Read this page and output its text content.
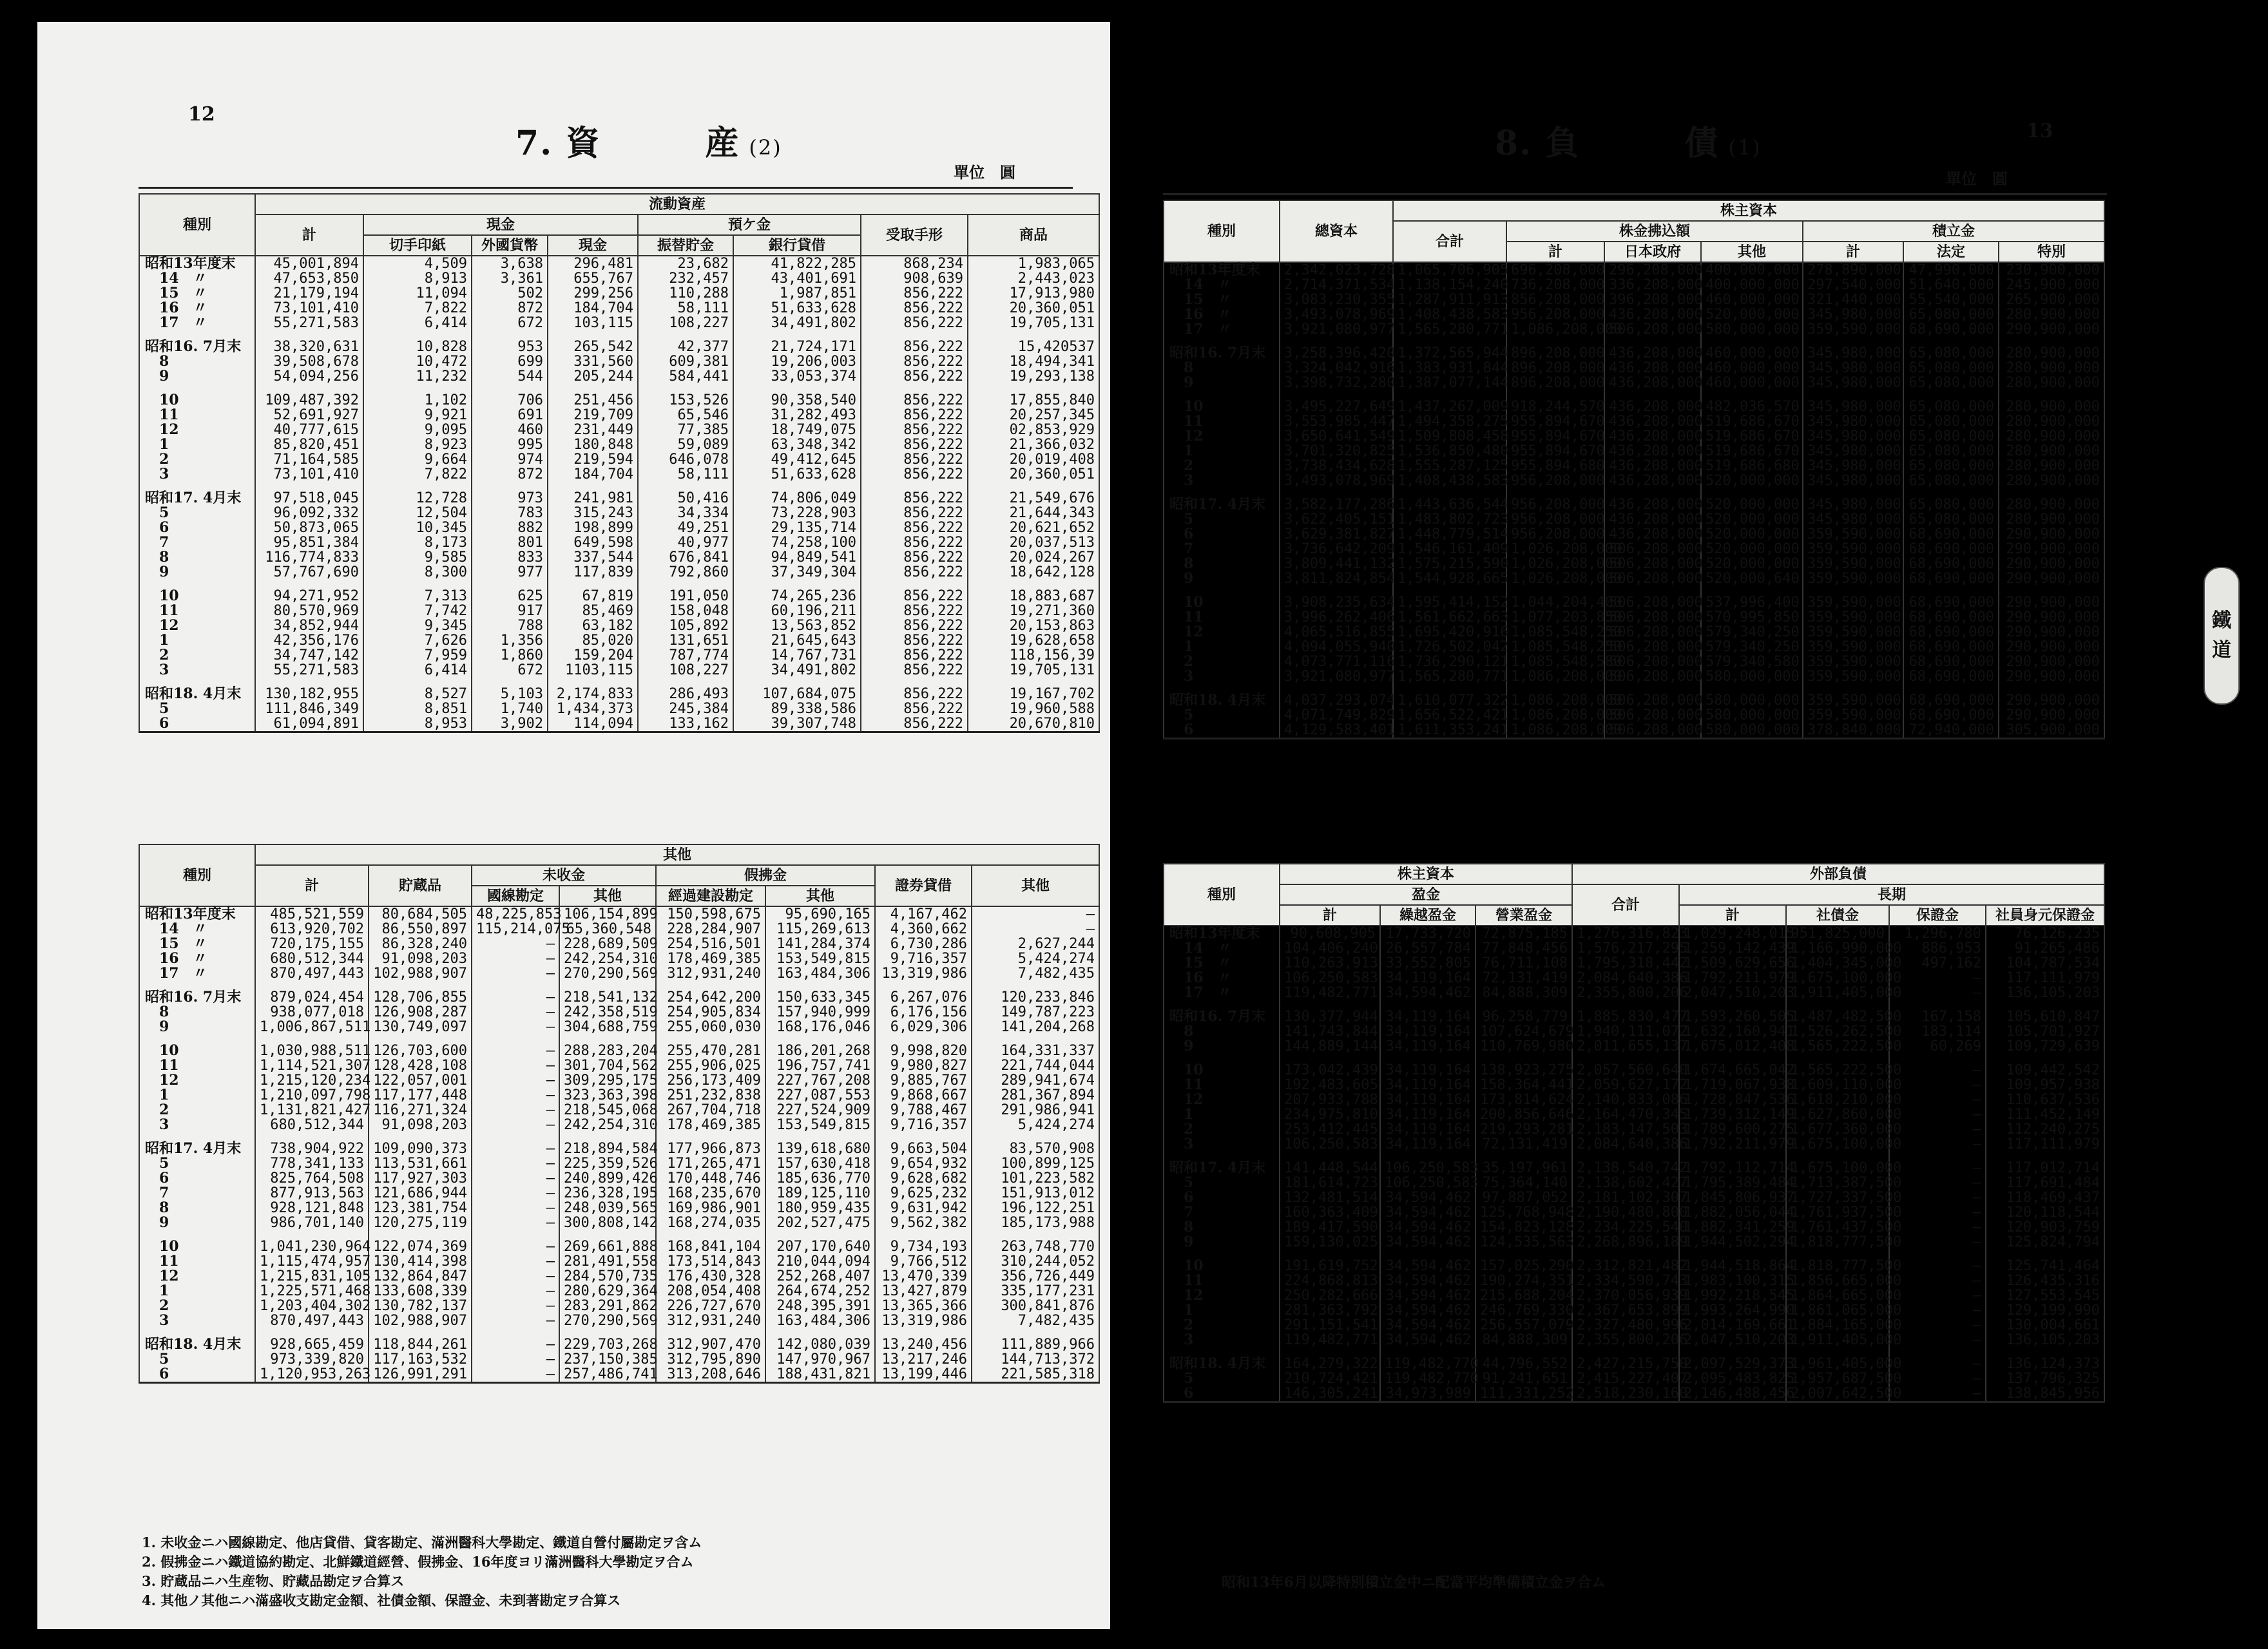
12
7. 資　　　産 (2)
單位　圓
種別	流動資産							
	計	現金			預ケ金		受取手形	商品
		切手印紙	外國貨幣	現金	振替貯金	銀行貸借		
昭和13年度末	45,001,894	4,509	3,638	296,481	23,682	41,822,285	868,234	1,983,065
　14　〃	47,653,850	8,913	3,361	655,767	232,457	43,401,691	908,639	2,443,023
　15　〃	21,179,194	11,094	502	299,256	110,288	1,987,851	856,222	17,913,980
　16　〃	73,101,410	7,822	872	184,704	58,111	51,633,628	856,222	20,360,051
　17　〃	55,271,583	6,414	672	103,115	108,227	34,491,802	856,222	19,705,131

昭和16. 7月末	38,320,631	10,828	953	265,542	42,377	21,724,171	856,222	15,420537
　8	39,508,678	10,472	699	331,560	609,381	19,206,003	856,222	18,494,341
　9	54,094,256	11,232	544	205,244	584,441	33,053,374	856,222	19,293,138

　10	109,487,392	1,102	706	251,456	153,526	90,358,540	856,222	17,855,840
　11	52,691,927	9,921	691	219,709	65,546	31,282,493	856,222	20,257,345
　12	40,777,615	9,095	460	231,449	77,385	18,749,075	856,222	02,853,929
　1	85,820,451	8,923	995	180,848	59,089	63,348,342	856,222	21,366,032
　2	71,164,585	9,664	974	219,594	646,078	49,412,645	856,222	20,019,408
　3	73,101,410	7,822	872	184,704	58,111	51,633,628	856,222	20,360,051

昭和17. 4月末	97,518,045	12,728	973	241,981	50,416	74,806,049	856,222	21,549,676
　5	96,092,332	12,504	783	315,243	34,334	73,228,903	856,222	21,644,343
　6	50,873,065	10,345	882	198,899	49,251	29,135,714	856,222	20,621,652
　7	95,851,384	8,173	801	649,598	40,977	74,258,100	856,222	20,037,513
　8	116,774,833	9,585	833	337,544	676,841	94,849,541	856,222	20,024,267
　9	57,767,690	8,300	977	117,839	792,860	37,349,304	856,222	18,642,128

　10	94,271,952	7,313	625	67,819	191,050	74,265,236	856,222	18,883,687
　11	80,570,969	7,742	917	85,469	158,048	60,196,211	856,222	19,271,360
　12	34,852,944	9,345	788	63,182	105,892	13,563,852	856,222	20,153,863
　1	42,356,176	7,626	1,356	85,020	131,651	21,645,643	856,222	19,628,658
　2	34,747,142	7,959	1,860	159,204	787,774	14,767,731	856,222	118,156,39
　3	55,271,583	6,414	672	1103,115	108,227	34,491,802	856,222	19,705,131

昭和18. 4月末	130,182,955	8,527	5,103	2,174,833	286,493	107,684,075	856,222	19,167,702
　5	111,846,349	8,851	1,740	1,434,373	245,384	89,338,586	856,222	19,960,588
　6	61,094,891	8,953	3,902	114,094	133,162	39,307,748	856,222	20,670,810
種別	其他							
	計	貯蔵品	未收金		假拂金		證券貸借	其他
			國線勘定	其他	經過建設勘定	其他		
昭和13年度末	485,521,559	80,684,505	48,225,853	106,154,899	150,598,675	95,690,165	4,167,462	—
　14　〃	613,920,702	86,550,897	115,214,075	65,360,548	228,284,907	115,269,613	4,360,662	—
　15　〃	720,175,155	86,328,240	—	228,689,509	254,516,501	141,284,374	6,730,286	2,627,244
　16　〃	680,512,344	91,098,203	—	242,254,310	178,469,385	153,549,815	9,716,357	5,424,274
　17　〃	870,497,443	102,988,907	—	270,290,569	312,931,240	163,484,306	13,319,986	7,482,435

昭和16. 7月末	879,024,454	128,706,855	—	218,541,132	254,642,200	150,633,345	6,267,076	120,233,846
　8	938,077,018	126,908,287	—	242,358,519	254,905,834	157,940,999	6,176,156	149,787,223
　9	1,006,867,511	130,749,097	—	304,688,759	255,060,030	168,176,046	6,029,306	141,204,268

　10	1,030,988,511	126,703,600	—	288,283,204	255,470,281	186,201,268	9,998,820	164,331,337
　11	1,114,521,307	128,428,108	—	301,704,562	255,906,025	196,757,741	9,980,827	221,744,044
　12	1,215,120,234	122,057,001	—	309,295,175	256,173,409	227,767,208	9,885,767	289,941,674
　1	1,210,097,798	117,177,448	—	323,363,398	251,232,838	227,087,553	9,868,667	281,367,894
　2	1,131,821,427	116,271,324	—	218,545,068	267,704,718	227,524,909	9,788,467	291,986,941
　3	680,512,344	91,098,203	—	242,254,310	178,469,385	153,549,815	9,716,357	5,424,274

昭和17. 4月末	738,904,922	109,090,373	—	218,894,584	177,966,873	139,618,680	9,663,504	83,570,908
　5	778,341,133	113,531,661	—	225,359,526	171,265,471	157,630,418	9,654,932	100,899,125
　6	825,764,508	117,927,303	—	240,899,426	170,448,746	185,636,770	9,628,682	101,223,582
　7	877,913,563	121,686,944	—	236,328,195	168,235,670	189,125,110	9,625,232	151,913,012
　8	928,121,848	123,381,754	—	248,039,565	169,986,901	180,959,435	9,631,942	196,122,251
　9	986,701,140	120,275,119	—	300,808,142	168,274,035	202,527,475	9,562,382	185,173,988

　10	1,041,230,964	122,074,369	—	269,661,888	168,841,104	207,170,640	9,734,193	263,748,770
　11	1,115,474,957	130,414,398	—	281,491,558	173,514,843	210,044,094	9,766,512	310,244,052
　12	1,215,831,105	132,864,847	—	284,570,735	176,430,328	252,268,407	13,470,339	356,726,449
　1	1,225,571,468	133,608,339	—	280,629,364	208,054,408	264,674,252	13,427,879	335,177,231
　2	1,203,404,302	130,782,137	—	283,291,862	226,727,670	248,395,391	13,365,366	300,841,876
　3	870,497,443	102,988,907	—	270,290,569	312,931,240	163,484,306	13,319,986	7,482,435

昭和18. 4月末	928,665,459	118,844,261	—	229,703,268	312,907,470	142,080,039	13,240,456	111,889,966
　5	973,339,820	117,163,532	—	237,150,385	312,795,890	147,970,967	13,217,246	144,713,372
　6	1,120,953,263	126,991,291	—	257,486,741	313,208,646	188,431,821	13,199,446	221,585,318
1. 未收金ニハ國線勘定、他店貸借、貸客勘定、滿洲醫科大學勘定、鐵道自營付屬勘定ヲ含ム
2. 假拂金ニハ鐵道協約勘定、北鮮鐵道經營、假拂金、16年度ヨリ滿洲醫科大學勘定ヲ合ム
3. 貯蔵品ニハ生産物、貯藏品勘定ヲ合算ス
4. 其他ノ其他ニハ滿盛收支勘定金額、社債金額、保證金、未到著勘定ヲ合算ス
13
8. 負　　　債 (1)
單位　圓
種別	總資本	株主資本						
		合計	株金拂込額			積立金		
			計	日本政府	其他	計	法定	特別
昭和13年度末	2,342,023,728	1,065,706,905	696,208,000	296,208,000	400,000,000	278,890,000	47,990,000	230,900,000
　14　〃	2,714,371,534	1,138,154,240	736,208,000	336,208,000	400,000,000	297,540,000	51,640,000	245,900,000
　15　〃	3,083,230,355	1,287,911,913	856,208,000	396,208,000	460,000,000	321,440,000	55,540,000	265,900,000
　16　〃	3,493,078,969	1,408,438,583	956,208,000	436,208,000	520,000,000	345,980,000	65,080,000	280,900,000
　17　〃	3,921,080,977	1,565,280,771	1,086,208,000	506,208,000	580,000,000	359,590,000	68,690,000	290,900,000

昭和16. 7月末	3,258,396,420	1,372,565,944	896,208,000	436,208,000	460,000,000	345,980,000	65,080,000	280,900,000
　8	3,324,042,916	1,383,931,844	896,208,000	436,208,000	460,000,000	345,980,000	65,080,000	280,900,000
　9	3,398,732,280	1,387,077,144	896,208,000	436,208,000	460,000,000	345,980,000	65,080,000	280,900,000

　10	3,495,227,649	1,437,267,009	918,244,570	436,208,000	482,036,570	345,980,000	65,080,000	280,900,000
　11	3,553,985,447	1,494,358,275	955,894,670	436,208,000	519,686,670	345,980,000	65,080,000	280,900,000
　12	3,650,641,549	1,509,808,458	955,894,670	436,208,000	519,686,670	345,980,000	65,080,000	280,900,000
　1	3,701,320,825	1,536,850,480	955,894,670	436,208,000	519,686,670	345,980,000	65,080,000	280,900,000
　2	3,738,434,628	1,555,287,125	955,894,680	436,208,000	519,686,680	345,980,000	65,080,000	280,900,000
　3	3,493,078,969	1,408,438,583	956,208,000	436,208,000	520,000,000	345,980,000	65,080,000	280,900,000

昭和17. 4月末	3,582,177,286	1,443,636,544	956,208,000	436,208,000	520,000,000	345,980,000	65,080,000	280,900,000
　5	3,622,405,151	1,483,802,723	956,208,000	436,208,000	520,000,000	345,980,000	65,080,000	280,900,000
　6	3,629,381,827	1,448,779,514	956,208,000	436,208,000	520,000,000	359,590,000	68,690,000	290,900,000
　7	3,736,642,209	1,546,161,409	1,026,208,000	506,208,000	520,000,000	359,590,000	68,690,000	290,900,000
　8	3,809,441,132	1,575,215,590	1,026,208,000	506,208,000	520,000,000	359,590,000	68,690,000	290,900,000
　9	3,811,824,854	1,544,928,665	1,026,208,000	506,208,000	520,000,640	359,590,000	68,690,000	290,900,000

　10	3,908,235,634	1,595,414,152	1,044,204,400	506,208,000	537,996,400	359,590,000	68,690,000	290,900,000
　11	3,996,262,406	1,561,662,663	1,077,203,850	506,208,000	570,995,850	359,590,000	68,690,000	290,900,000
　12	4,065,516,855	1,695,420,916	1,085,548,250	506,208,000	579,340,250	359,590,000	68,690,000	290,900,000
　1	4,094,055,940	1,726,502,042	1,085,548,250	506,208,000	579,340,250	359,590,000	68,690,000	290,900,000
　2	4,073,771,116	1,736,290,121	1,085,548,580	506,208,000	579,340,580	359,590,000	68,690,000	290,900,000
　3	3,921,080,977	1,565,280,771	1,086,208,000	506,208,000	580,000,000	359,590,000	68,690,000	290,900,000

昭和18. 4月末	4,037,293,074	1,610,077,322	1,086,208,000	506,208,000	580,000,000	359,590,000	68,690,000	290,900,000
　5	4,071,749,829	1,656,522,421	1,086,208,000	506,208,000	580,000,000	359,590,000	68,690,000	290,900,000
　6	4,129,583,401	1,611,353,241	1,086,208,000	506,208,000	580,000,000	378,840,000	72,940,000	305,900,000
種別	株主資本			外部負債				
	盈金			合計	長期			
	計	繰越盈金	營業盈金		計	社債金	保證金	社員身元保證金
昭和13年度末	90,608,905	17,733,720	72,875,185	1,276,316,823	1,029,248,015	951,825,000	1,296,780	76,126,235
　14　〃	104,406,240	26,557,784	77,848,456	1,576,217,295	1,259,142,439	1,166,990,000	886,953	91,265,486
　15　〃	110,263,913	33,552,805	76,711,108	1,795,318,442	1,509,629,656	1,404,345,000	497,162	104,787,534
　16　〃	106,250,583	34,119,164	72,131,419	2,084,640,386	1,792,211,979	1,675,100,000	—	117,111,979
　17　〃	119,482,771	34,594,462	84,888,309	2,355,800,206	2,047,510,203	1,911,405,000	—	136,105,203

昭和16. 7月末	130,377,944	34,119,164	96,258,779	1,885,830,477	1,593,260,505	1,487,482,500	167,158	105,610,847
　8	141,743,844	34,119,164	107,624,679	1,940,111,072	1,632,160,941	1,526,262,500	183,114	105,701,927
　9	144,889,144	34,119,164	110,769,980	2,011,655,137	1,675,012,408	1,565,222,500	60,269	109,729,639

　10	173,042,439	34,119,164	138,923,275	2,057,560,640	1,674,665,042	1,565,222,500	—	109,442,542
　11	192,483,605	34,119,164	158,364,441	2,059,627,172	1,719,067,938	1,609,110,000	—	109,957,938
　12	207,933,788	34,119,164	173,814,624	2,140,833,086	1,728,847,536	1,618,210,000	—	110,637,536
　1	234,975,810	34,119,164	200,856,646	2,164,470,345	1,739,312,149	1,627,860,000	—	111,452,149
　2	253,412,445	34,119,164	219,293,281	2,183,147,503	1,789,600,275	1,677,360,000	—	112,240,275
　3	106,250,583	34,119,164	72,131,419	2,084,640,386	1,792,211,979	1,675,100,000	—	117,111,979

昭和17. 4月末	141,448,544	106,250,583	35,197,961	2,138,540,742	1,792,112,714	1,675,100,000	—	117,012,714
　5	181,614,723	106,250,583	75,364,140	2,138,602,427	1,795,389,484	1,713,387,500	—	117,691,484
　6	132,481,514	34,594,462	97,887,052	2,181,102,307	1,845,806,937	1,727,337,500	—	118,469,437
　7	160,363,409	34,594,462	125,768,948	2,190,480,800	1,882,056,044	1,761,937,500	—	120,118,544
　8	189,417,590	34,594,462	154,823,128	2,234,225,540	1,882,341,259	1,761,437,500	—	120,903,759
　9	159,130,025	34,594,462	124,535,563	2,268,896,189	1,944,502,294	1,818,777,500	—	125,824,794

　10	191,619,752	34,594,462	157,025,290	2,312,821,482	1,944,518,864	1,818,777,500	—	125,741,464
　11	224,868,813	34,594,462	190,274,351	2,334,590,743	1,983,100,315	1,856,665,000	—	126,435,316
　12	250,282,666	34,594,462	215,688,204	2,370,056,939	1,992,218,545	1,864,665,000	—	127,553,545
　1	281,363,792	34,594,462	246,769,330	2,367,653,899	1,993,264,990	1,861,065,000	—	129,199,990
　2	291,151,541	34,594,462	256,557,079	2,327,480,996	2,014,169,661	1,884,165,000	—	130,004,661
　3	119,482,771	34,594,462	84,888,309	2,355,800,206	2,047,510,203	1,911,405,000	—	136,105,203

昭和18. 4月末	164,279,322	119,482,770	44,796,552	2,427,215,750	2,097,529,373	1,961,405,000	—	136,124,373
　5	210,724,421	119,482,770	91,241,651	2,415,227,407	2,095,483,825	1,957,687,500	—	137,796,325
　6	146,305,241	34,973,989	111,331,252	2,518,230,160	2,146,488,456	2,007,642,500	—	138,845,956
昭和13年6月以降特別積立金中ニ配當平均準備積立金ヲ合ム
鐵
道
